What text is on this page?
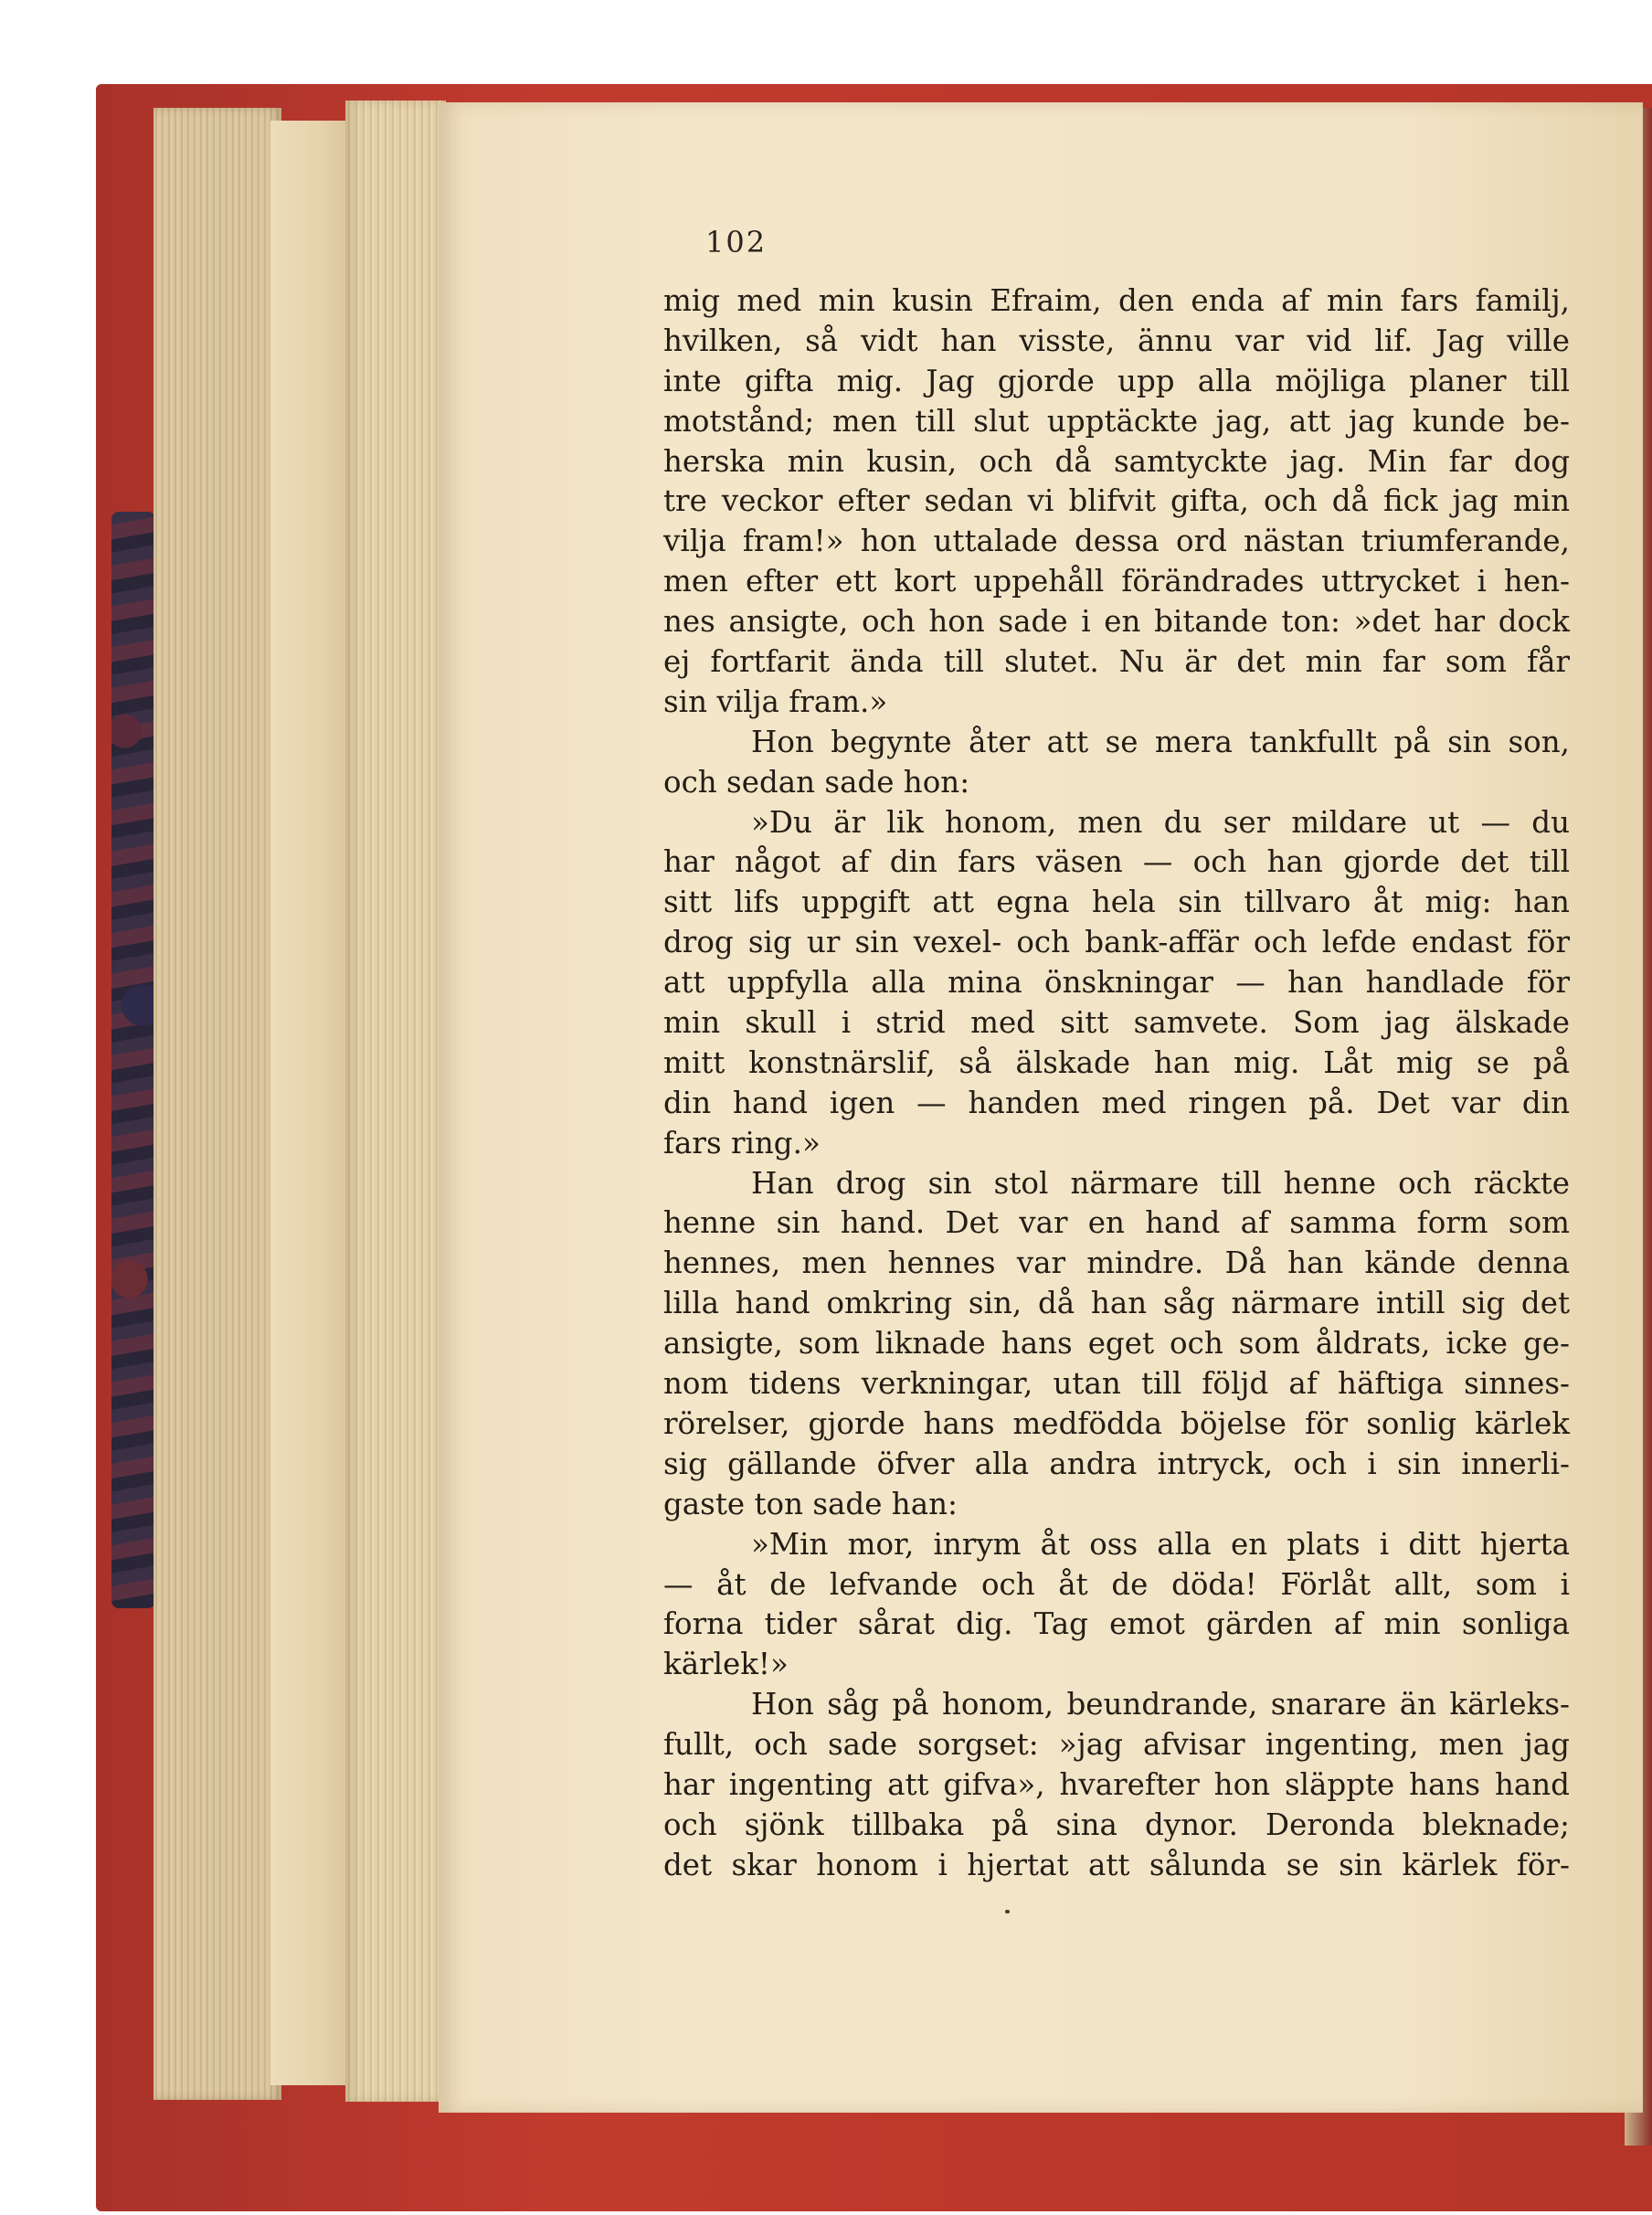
102
mig med min kusin Efraim, den enda af min fars familj,
hvilken, så vidt han visste, ännu var vid lif. Jag ville
inte gifta mig. Jag gjorde upp alla möjliga planer till
motstånd; men till slut upptäckte jag, att jag kunde be-
herska min kusin, och då samtyckte jag. Min far dog
tre veckor efter sedan vi blifvit gifta, och då fick jag min
vilja fram!» hon uttalade dessa ord nästan triumferande,
men efter ett kort uppehåll förändrades uttrycket i hen-
nes ansigte, och hon sade i en bitande ton: »det har dock
ej fortfarit ända till slutet. Nu är det min far som får
sin vilja fram.»
Hon begynte åter att se mera tankfullt på sin son,
och sedan sade hon:
»Du är lik honom, men du ser mildare ut — du
har något af din fars väsen — och han gjorde det till
sitt lifs uppgift att egna hela sin tillvaro åt mig: han
drog sig ur sin vexel- och bank-affär och lefde endast för
att uppfylla alla mina önskningar — han handlade för
min skull i strid med sitt samvete. Som jag älskade
mitt konstnärslif, så älskade han mig. Låt mig se på
din hand igen — handen med ringen på. Det var din
fars ring.»
Han drog sin stol närmare till henne och räckte
henne sin hand. Det var en hand af samma form som
hennes, men hennes var mindre. Då han kände denna
lilla hand omkring sin, då han såg närmare intill sig det
ansigte, som liknade hans eget och som åldrats, icke ge-
nom tidens verkningar, utan till följd af häftiga sinnes-
rörelser, gjorde hans medfödda böjelse för sonlig kärlek
sig gällande öfver alla andra intryck, och i sin innerli-
gaste ton sade han:
»Min mor, inrym åt oss alla en plats i ditt hjerta
— åt de lefvande och åt de döda! Förlåt allt, som i
forna tider sårat dig. Tag emot gärden af min sonliga
kärlek!»
Hon såg på honom, beundrande, snarare än kärleks-
fullt, och sade sorgset: »jag afvisar ingenting, men jag
har ingenting att gifva», hvarefter hon släppte hans hand
och sjönk tillbaka på sina dynor. Deronda bleknade;
det skar honom i hjertat att sålunda se sin kärlek för-
